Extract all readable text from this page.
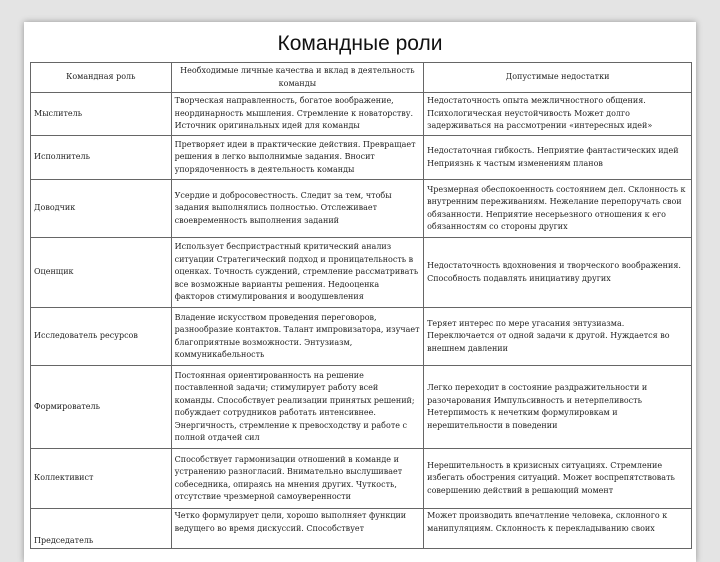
Командные роли
Командная роль	Необходимые личные качества и вклад в деятельность команды	Допустимые недостатки
Мыслитель	Творческая направленность, богатое воображение, неординарность мышления. Стремление к новаторству. Источник оригинальных идей для команды	Недостаточность опыта межличностного общения. Психологическая неустойчивость Может долго задерживаться на рассмотрении «интересных идей»
Исполнитель	Претворяет идеи в практические действия. Превращает решения в легко выполнимые задания. Вносит упорядоченность в деятельность команды	Недостаточная гибкость. Неприятие фантастических идей Неприязнь к частым изменениям планов
Доводчик	Усердие и добросовестность. Следит за тем, чтобы задания выполнялись полностью. Отслеживает своевременность выполнения заданий	Чрезмерная обеспокоенность состоянием дел. Склонность к внутренним переживаниям. Нежелание перепоручать свои обязанности. Неприятие несерьезного отношения к его обязанностям со стороны других
Оценщик	Использует беспристрастный критический анализ ситуации Стратегический подход и проницательность в оценках. Точность суждений, стремление рассматривать все возможные варианты решения. Недооценка факторов стимулирования и воодушевления	Недостаточность вдохновения и творческого воображения. Способность подавлять инициативу других
Исследователь ресурсов	Владение искусством проведения переговоров, разнообразие контактов. Талант импровизатора, изучает благоприятные возможности. Энтузиазм, коммуникабельность	Теряет интерес по мере угасания энтузиазма. Переключается от одной задачи к другой. Нуждается во внешнем давлении
Формирователь	Постоянная ориентированность на решение поставленной задачи; стимулирует работу всей команды. Способствует реализации принятых решений; побуждает сотрудников работать интенсивнее. Энергичность, стремление к превосходству и работе с полной отдачей сил	Легко переходит в состояние раздражительности и разочарования Импульсивность и нетерпеливость Нетерпимость к нечетким формулировкам и нерешительности в поведении
Коллективист	Способствует гармонизации отношений в команде и устранению разногласий. Внимательно выслушивает собеседника, опираясь на мнения других. Чуткость, отсутствие чрезмерной самоуверенности	Нерешительность в кризисных ситуациях. Стремление избегать обострения ситуаций. Может воспрепятствовать совершению действий в решающий момент
Председатель	Четко формулирует цели, хорошо выполняет функции ведущего во время дискуссий. Способствует	Может производить впечатление человека, склонного к манипуляциям. Склонность к перекладыванию своих
